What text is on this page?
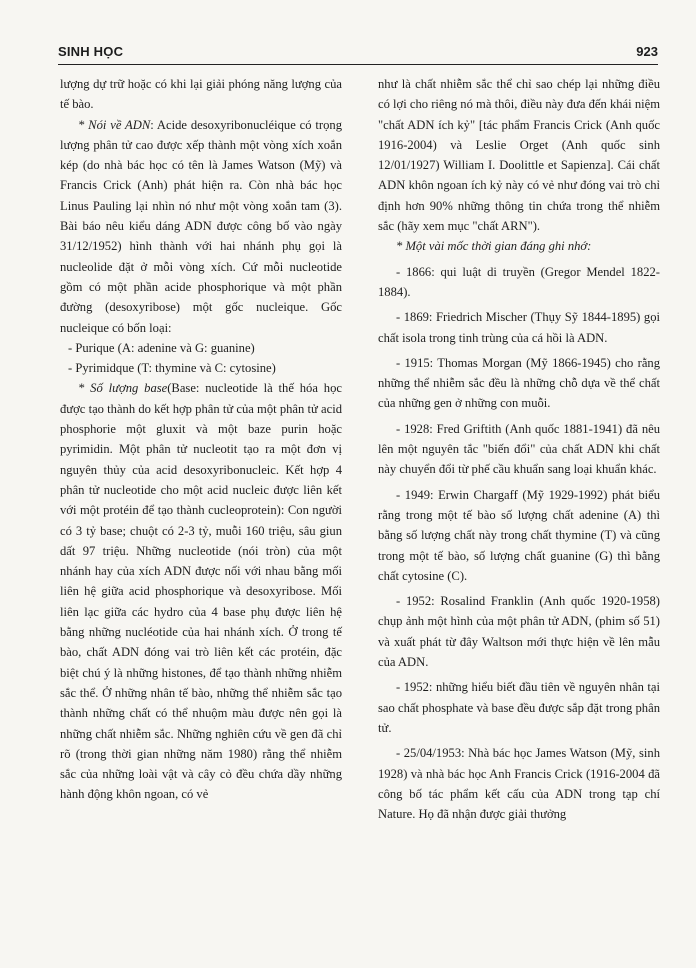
SINH HỌC	923

lượng dự trữ hoặc có khi lại giải phóng năng lượng của tế bào.

* Nói về ADN: Acide desoxyribonucléique có trọng lượng phân tử cao được xếp thành một vòng xích xoắn kép (do nhà bác học có tên là James Watson (Mỹ) và Francis Crick (Anh) phát hiện ra. Còn nhà bác học Linus Pauling lại nhìn nó như một vòng xoắn tam (3). Bài báo nêu kiểu dáng ADN được công bố vào ngày 31/12/1952) hình thành với hai nhánh phụ gọi là nucleolide đặt ở mỗi vòng xích. Cứ mỗi nucleotide gồm có một phần acide phosphorique và một phần đường (desoxyribose) một gốc nucleique. Gốc nucleique có bốn loại:

- Purique (A: adenine và G: guanine)

- Pyrimidque (T: thymine và C: cytosine)

* Số lượng base(Base: nucleotide là thế hóa học được tạo thành do kết hợp phân tử của một phân tử acid phosphorie một gluxit và một baze purin hoặc pyrimidin. Một phân tử nucleotit tạo ra một đơn vị nguyên thủy của acid desoxyribonucleic. Kết hợp 4 phân tử nucleotide cho một acid nucleic được liên kết với một protéin để tạo thành cucleoprotein): Con người có 3 tỷ base; chuột có 2-3 tỷ, muỗi 160 triệu, sâu giun dất 97 triệu. Những nucleotide (nói tròn) của một nhánh hay của xích ADN được nối với nhau bằng mối liên hệ giữa acid phosphorique và desoxyribose. Mối liên lạc giữa các hydro của 4 base phụ được liên hệ bằng những nucléotide của hai nhánh xích. Ở trong tế bào, chất ADN đóng vai trò liên kết các protéin, đặc biệt chú ý là những histones, để tạo thành những nhiễm sắc thể. Ở những nhân tế bào, những thể nhiễm sắc tạo thành những chất có thể nhuộm màu được nên gọi là những chất nhiễm sắc. Những nghiên cứu về gen đã chỉ rõ (trong thời gian những năm 1980) rằng thể nhiễm sắc của những loài vật và cây cỏ đều chứa dầy những hành động khôn ngoan, có vẻ

như là chất nhiễm sắc thể chỉ sao chép lại những điều có lợi cho riêng nó mà thôi, điều này đưa đến khái niệm "chất ADN ích kỷ" [tác phẩm Francis Crick (Anh quốc 1916-2004) và Leslie Orget (Anh quốc sinh 12/01/1927) William I. Doolittle et Sapienza]. Cái chất ADN khôn ngoan ích kỷ này có vẻ như đóng vai trò chỉ định hơn 90% những thông tin chứa trong thể nhiễm sắc (hãy xem mục "chất ARN").

* Một vài mốc thời gian đáng ghi nhớ:

- 1866: qui luật di truyền (Gregor Mendel 1822-1884).

- 1869: Friedrich Mischer (Thụy Sỹ 1844-1895) gọi chất isola trong tinh trùng của cá hồi là ADN.

- 1915: Thomas Morgan (Mỹ 1866-1945) cho rằng những thể nhiễm sắc đều là những chỗ dựa về thể chất của những gen ở những con muỗi.

- 1928: Fred Griftith (Anh quốc 1881-1941) đã nêu lên một nguyên tắc "biến đổi" của chất ADN khi chất này chuyển đổi từ phế cầu khuẩn sang loại khuẩn khác.

- 1949: Erwin Chargaff (Mỹ 1929-1992) phát biểu rằng trong một tế bào số lượng chất adenine (A) thì bằng số lượng chất này trong chất thymine (T) và cũng trong một tế bào, số lượng chất guanine (G) thì bằng chất cytosine (C).

- 1952: Rosalind Franklin (Anh quốc 1920-1958) chụp ảnh một hình của một phân tử ADN, (phim số 51) và xuất phát từ đây Waltson mới thực hiện về lên mẫu của ADN.

- 1952: những hiểu biết đầu tiên về nguyên nhân tại sao chất phosphate và base đều được sắp đặt trong phân tử.

- 25/04/1953: Nhà bác học James Watson (Mỹ, sinh 1928) và nhà bác học Anh Francis Crick (1916-2004 đã công bố tác phẩm kết cấu của ADN trong tạp chí Nature. Họ đã nhận được giải thưởng
